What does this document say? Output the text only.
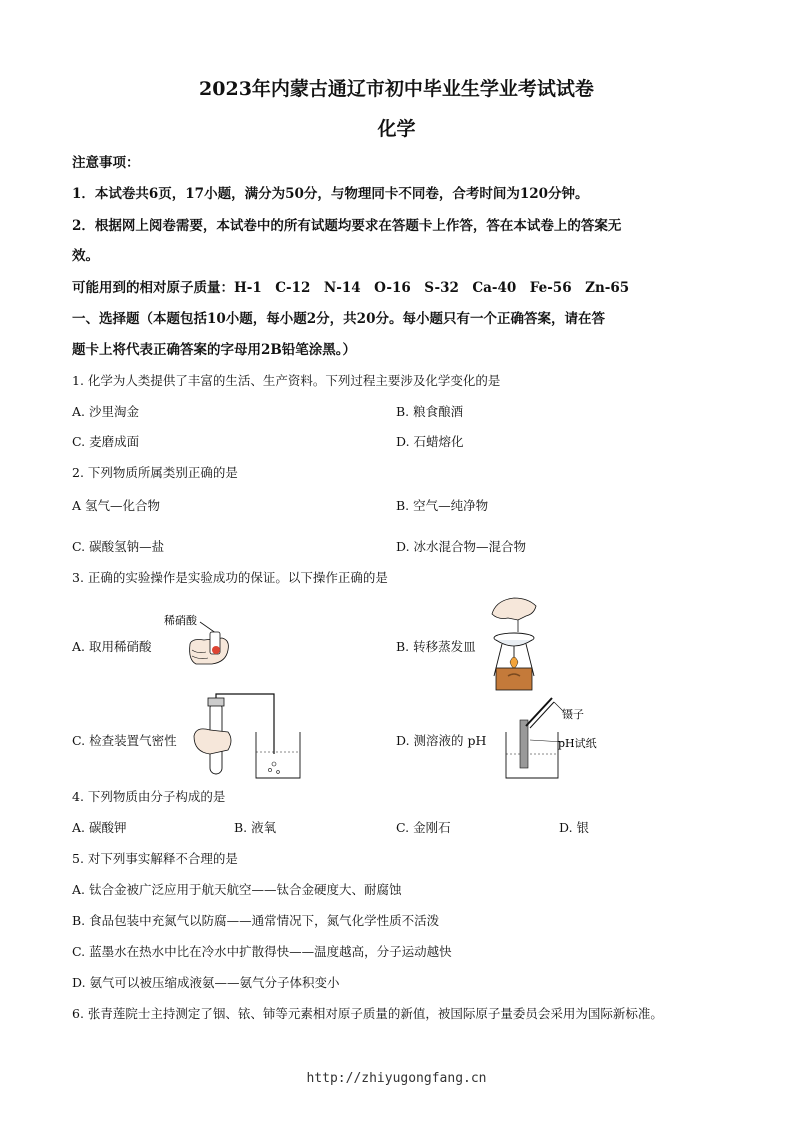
2023年内蒙古通辽市初中毕业生学业考试试卷
化学
注意事项：
1．本试卷共6页，17小题，满分为50分，与物理同卡不同卷，合考时间为120分钟。
2．根据网上阅卷需要，本试卷中的所有试题均要求在答题卡上作答，答在本试卷上的答案无
效。
可能用到的相对原子质量：H-1　C-12　N-14　O-16　S-32　Ca-40　Fe-56　Zn-65
一、选择题（本题包括10小题，每小题2分，共20分。每小题只有一个正确答案，请在答
题卡上将代表正确答案的字母用2B铅笔涂黑。）
1. 化学为人类提供了丰富的生活、生产资料。下列过程主要涉及化学变化的是
A. 沙里淘金	B. 粮食酿酒
C. 麦磨成面	D. 石蜡熔化
2. 下列物质所属类别正确的是
A 氢气—化合物	B. 空气—纯净物
C. 碳酸氢钠—盐	D. 冰水混合物—混合物
3. 正确的实验操作是实验成功的保证。以下操作正确的是
A. 取用稀硝酸	B. 转移蒸发皿
C. 检查装置气密性	D. 测溶液的 pH
稀硝酸
镊子
pH试纸
4. 下列物质由分子构成的是
A. 碳酸钾	B. 液氧	C. 金刚石	D. 银
5. 对下列事实解释不合理的是
A. 钛合金被广泛应用于航天航空——钛合金硬度大、耐腐蚀
B. 食品包装中充氮气以防腐——通常情况下，氮气化学性质不活泼
C. 蓝墨水在热水中比在冷水中扩散得快——温度越高，分子运动越快
D. 氨气可以被压缩成液氨——氨气分子体积变小
6. 张青莲院士主持测定了铟、铱、铈等元素相对原子质量的新值，被国际原子量委员会采用为国际新标准。
http://zhiyugongfang.cn
